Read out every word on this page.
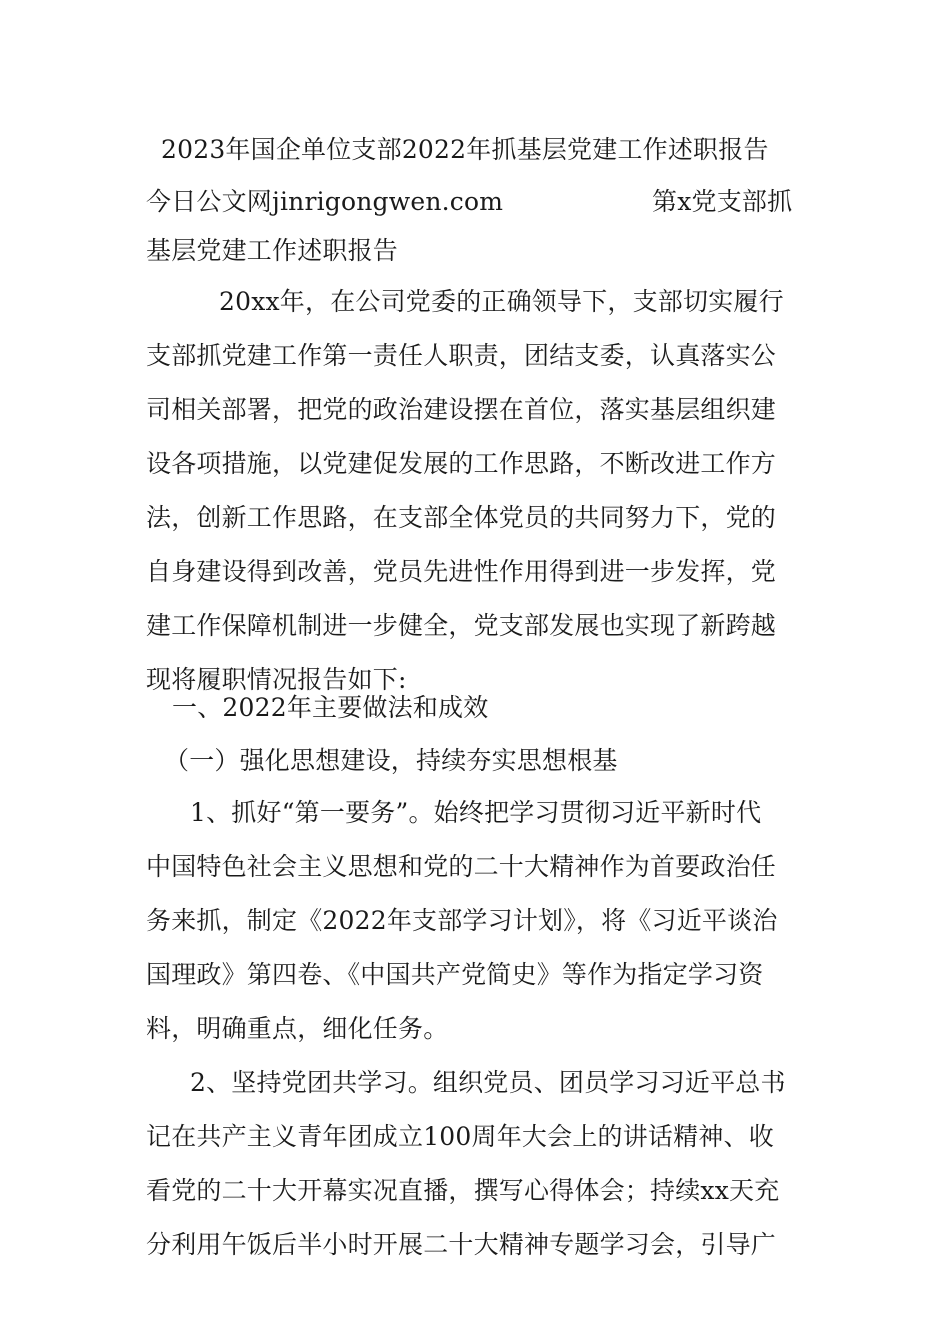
2023年国企单位支部2022年抓基层党建工作述职报告
今日公文网jinrigongwen.com	第x党支部抓
基层党建工作述职报告
20xx年，在公司党委的正确领导下，支部切实履行
支部抓党建工作第一责任人职责，团结支委，认真落实公
司相关部署，把党的政治建设摆在首位，落实基层组织建
设各项措施，以党建促发展的工作思路，不断改进工作方
法，创新工作思路，在支部全体党员的共同努力下，党的
自身建设得到改善，党员先进性作用得到进一步发挥，党
建工作保障机制进一步健全，党支部发展也实现了新跨越
现将履职情况报告如下:
一、2022年主要做法和成效
（一）强化思想建设，持续夯实思想根基
1、抓好“第一要务”。始终把学习贯彻习近平新时代
中国特色社会主义思想和党的二十大精神作为首要政治任
务来抓，制定《2022年支部学习计划》，将《习近平谈治
国理政》第四卷、《中国共产党简史》等作为指定学习资
料，明确重点，细化任务。
2、坚持党团共学习。组织党员、团员学习习近平总书
记在共产主义青年团成立100周年大会上的讲话精神、收
看党的二十大开幕实况直播，撰写心得体会；持续xx天充
分利用午饭后半小时开展二十大精神专题学习会，引导广
